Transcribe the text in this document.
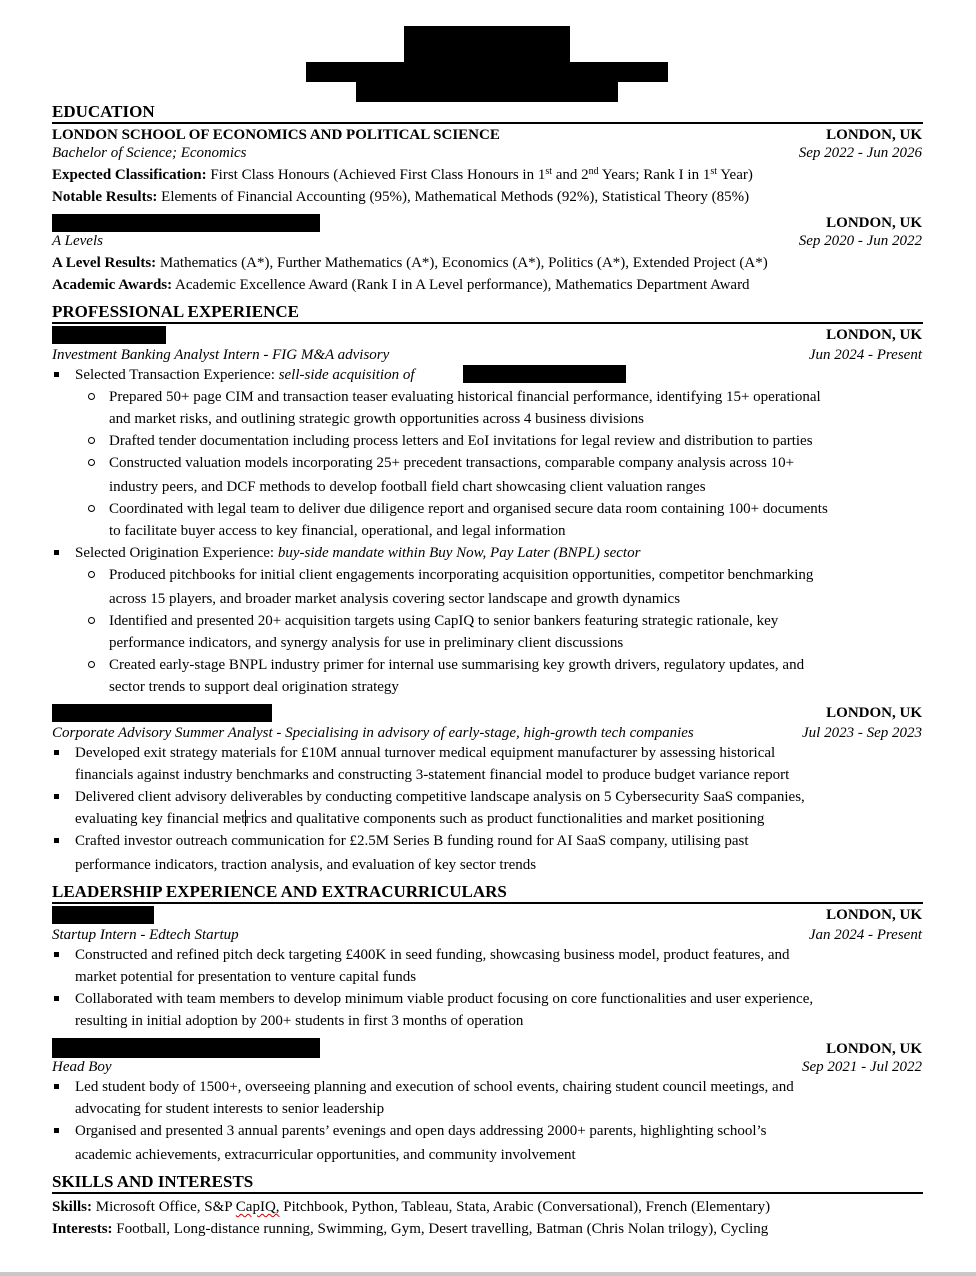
EDUCATION
LONDON SCHOOL OF ECONOMICS AND POLITICAL SCIENCE	LONDON, UK
Bachelor of Science; Economics	Sep 2022 - Jun 2026
Expected Classification: First Class Honours (Achieved First Class Honours in 1st and 2nd Years; Rank I in 1st Year)
Notable Results: Elements of Financial Accounting (95%), Mathematical Methods (92%), Statistical Theory (85%)
LONDON, UK
A Levels	Sep 2020 - Jun 2022
A Level Results: Mathematics (A*), Further Mathematics (A*), Economics (A*), Politics (A*), Extended Project (A*)
Academic Awards: Academic Excellence Award (Rank I in A Level performance), Mathematics Department Award
PROFESSIONAL EXPERIENCE
LONDON, UK
Investment Banking Analyst Intern - FIG M&A advisory	Jun 2024 - Present
Selected Transaction Experience: sell-side acquisition of
Prepared 50+ page CIM and transaction teaser evaluating historical financial performance, identifying 15+ operational
and market risks, and outlining strategic growth opportunities across 4 business divisions
Drafted tender documentation including process letters and EoI invitations for legal review and distribution to parties
Constructed valuation models incorporating 25+ precedent transactions, comparable company analysis across 10+
industry peers, and DCF methods to develop football field chart showcasing client valuation ranges
Coordinated with legal team to deliver due diligence report and organised secure data room containing 100+ documents
to facilitate buyer access to key financial, operational, and legal information
Selected Origination Experience: buy-side mandate within Buy Now, Pay Later (BNPL) sector
Produced pitchbooks for initial client engagements incorporating acquisition opportunities, competitor benchmarking
across 15 players, and broader market analysis covering sector landscape and growth dynamics
Identified and presented 20+ acquisition targets using CapIQ to senior bankers featuring strategic rationale, key
performance indicators, and synergy analysis for use in preliminary client discussions
Created early-stage BNPL industry primer for internal use summarising key growth drivers, regulatory updates, and
sector trends to support deal origination strategy
LONDON, UK
Corporate Advisory Summer Analyst - Specialising in advisory of early-stage, high-growth tech companies	Jul 2023 - Sep 2023
Developed exit strategy materials for £10M annual turnover medical equipment manufacturer by assessing historical
financials against industry benchmarks and constructing 3-statement financial model to produce budget variance report
Delivered client advisory deliverables by conducting competitive landscape analysis on 5 Cybersecurity SaaS companies,
evaluating key financial metrics and qualitative components such as product functionalities and market positioning
Crafted investor outreach communication for £2.5M Series B funding round for AI SaaS company, utilising past
performance indicators, traction analysis, and evaluation of key sector trends
LEADERSHIP EXPERIENCE AND EXTRACURRICULARS
LONDON, UK
Startup Intern - Edtech Startup	Jan 2024 - Present
Constructed and refined pitch deck targeting £400K in seed funding, showcasing business model, product features, and
market potential for presentation to venture capital funds
Collaborated with team members to develop minimum viable product focusing on core functionalities and user experience,
resulting in initial adoption by 200+ students in first 3 months of operation
LONDON, UK
Head Boy	Sep 2021 - Jul 2022
Led student body of 1500+, overseeing planning and execution of school events, chairing student council meetings, and
advocating for student interests to senior leadership
Organised and presented 3 annual parents’ evenings and open days addressing 2000+ parents, highlighting school’s
academic achievements, extracurricular opportunities, and community involvement
SKILLS AND INTERESTS
Skills: Microsoft Office, S&P CapIQ, Pitchbook, Python, Tableau, Stata, Arabic (Conversational), French (Elementary)
Interests: Football, Long-distance running, Swimming, Gym, Desert travelling, Batman (Chris Nolan trilogy), Cycling
